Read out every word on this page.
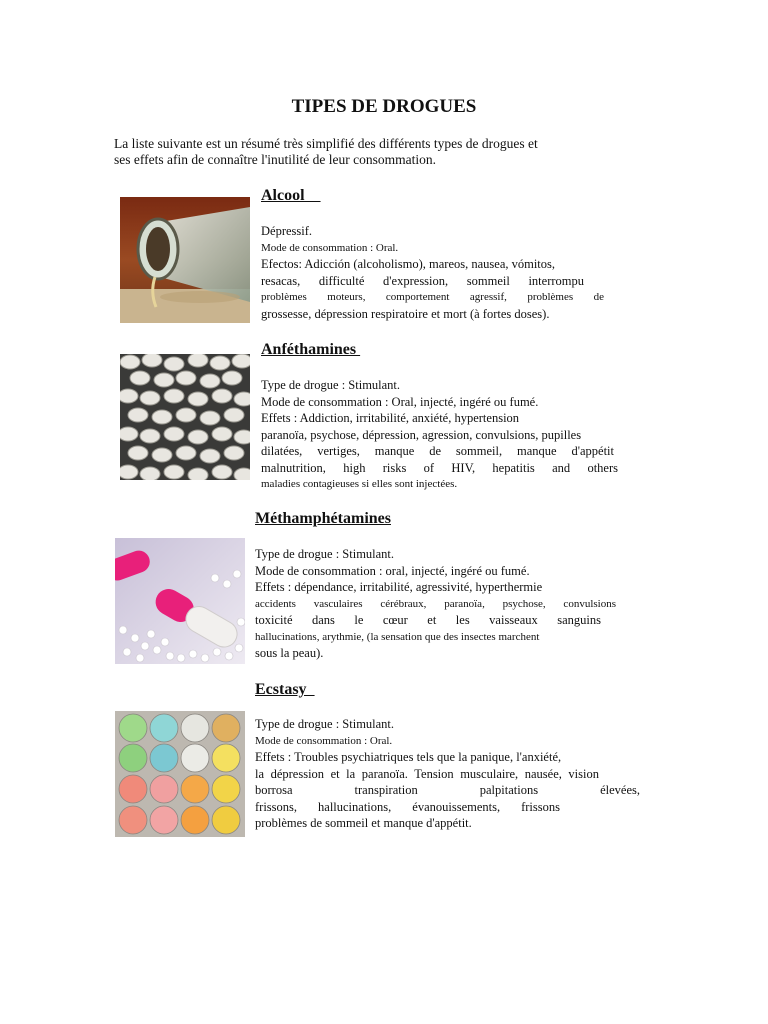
TIPES DE DROGUES
La liste suivante est un résumé très simplifié des différents types de drogues et
ses effets afin de connaître l'inutilité de leur consommation.
Alcool
Dépressif.
Mode de consommation : Oral.
Efectos: Adicción (alcoholismo), mareos, nausea, vómitos,
resacas, difficulté d'expression, sommeil interrompu
problèmes moteurs, comportement agressif, problèmes de
grossesse, dépression respiratoire et mort (à fortes doses).
Anféthamines
Type de drogue : Stimulant.
Mode de consommation : Oral, injecté, ingéré ou fumé.
Effets : Addiction, irritabilité, anxiété, hypertension
paranoïa, psychose, dépression, agression, convulsions, pupilles
dilatées, vertiges, manque de sommeil, manque d'appétit
malnutrition, high risks of HIV, hepatitis and others
maladies contagieuses si elles sont injectées.
Méthamphétamines
Type de drogue : Stimulant.
Mode de consommation : oral, injecté, ingéré ou fumé.
Effets : dépendance, irritabilité, agressivité, hyperthermie
accidents vasculaires cérébraux, paranoïa, psychose, convulsions
toxicité dans le cœur et les vaisseaux sanguins
hallucinations, arythmie, (la sensation que des insectes marchent
sous la peau).
Ecstasy
Type de drogue : Stimulant.
Mode de consommation : Oral.
Effets : Troubles psychiatriques tels que la panique, l'anxiété,
la dépression et la paranoïa. Tension musculaire, nausée, vision
borrosa transpiration palpitations élevées,
frissons, hallucinations, évanouissements, frissons
problèmes de sommeil et manque d'appétit.
